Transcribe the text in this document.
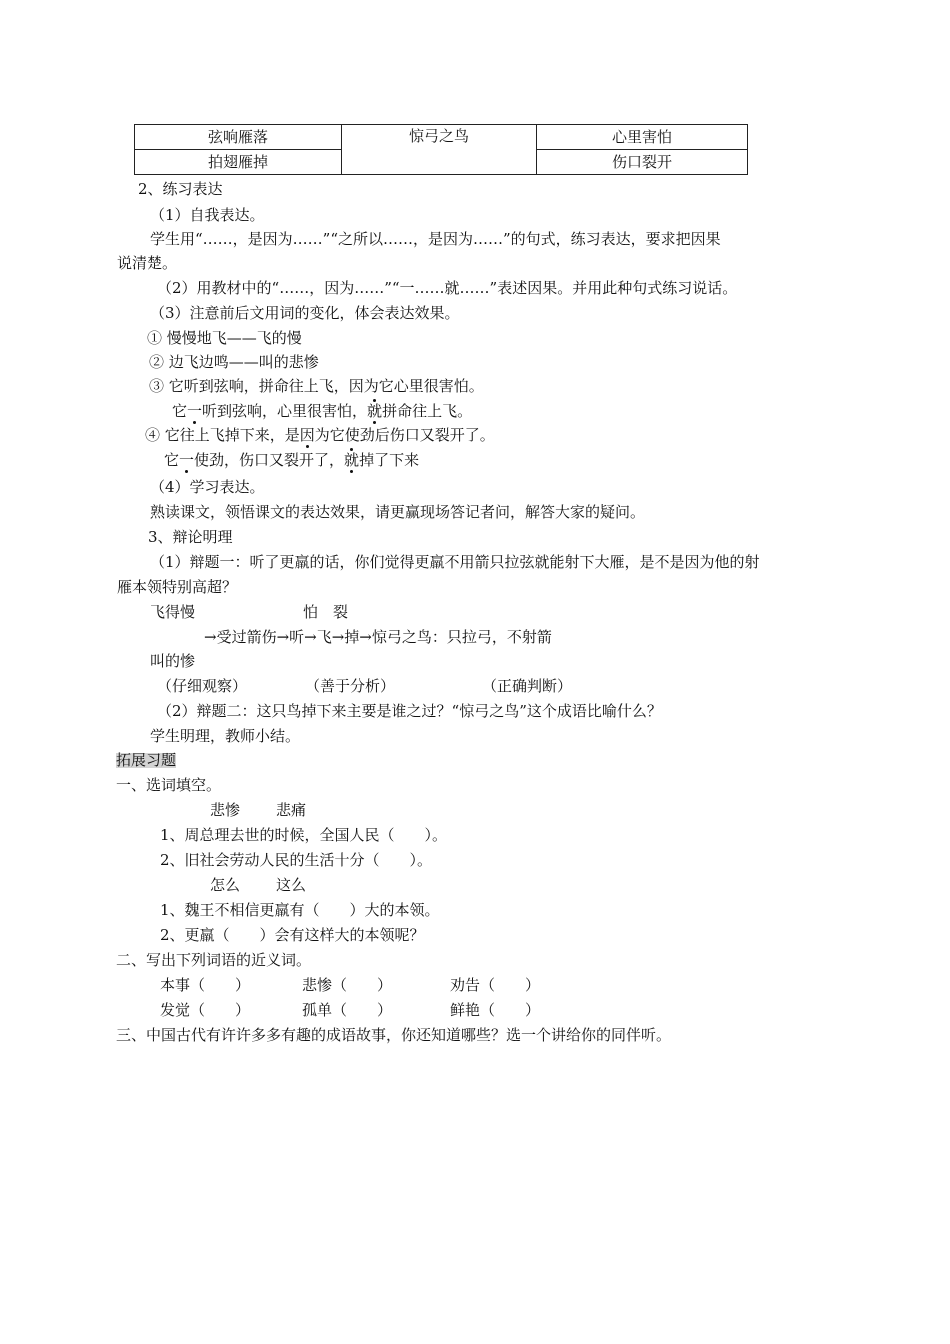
弦响雁落	惊弓之鸟	心里害怕
拍翅雁掉		伤口裂开
2、练习表达
（1）自我表达。
学生用“……，是因为……”“之所以……，是因为……”的句式，练习表达，要求把因果
说清楚。
（2）用教材中的“……，因为……”“一……就……”表述因果。并用此种句式练习说话。
（3）注意前后文用词的变化，体会表达效果。
① 慢慢地飞——飞的慢
② 边飞边鸣——叫的悲惨
③ 它听到弦响，拼命往上飞，因为它心里很害怕。
它一听到弦响，心里很害怕，就拼命往上飞。
④ 它往上飞掉下来，是因为它使劲后伤口又裂开了。
它一使劲，伤口又裂开了，就掉了下来
（4）学习表达。
熟读课文，领悟课文的表达效果，请更赢现场答记者问，解答大家的疑问。
3、辩论明理
（1）辩题一：听了更羸的话，你们觉得更羸不用箭只拉弦就能射下大雁，是不是因为他的射
雁本领特别高超？
飞得慢	怕　裂
→受过箭伤→听→飞→掉→惊弓之鸟：只拉弓，不射箭
叫的惨
（仔细观察）	（善于分析）	（正确判断）
（2）辩题二：这只鸟掉下来主要是谁之过？“惊弓之鸟”这个成语比喻什么？
学生明理，教师小结。
拓展习题
一、选词填空。
悲惨 悲痛
1、周总理去世的时候，全国人民（　　）。
2、旧社会劳动人民的生活十分（　　）。
怎么 这么
1、魏王不相信更羸有（　　）大的本领。
2、更羸（　　）会有这样大的本领呢？
二、写出下列词语的近义词。
本事（　　）	悲惨（　　）	劝告（　　）
发觉（　　）	孤单（　　）	鲜艳（　　）
三、中国古代有许许多多有趣的成语故事，你还知道哪些？选一个讲给你的同伴听。
